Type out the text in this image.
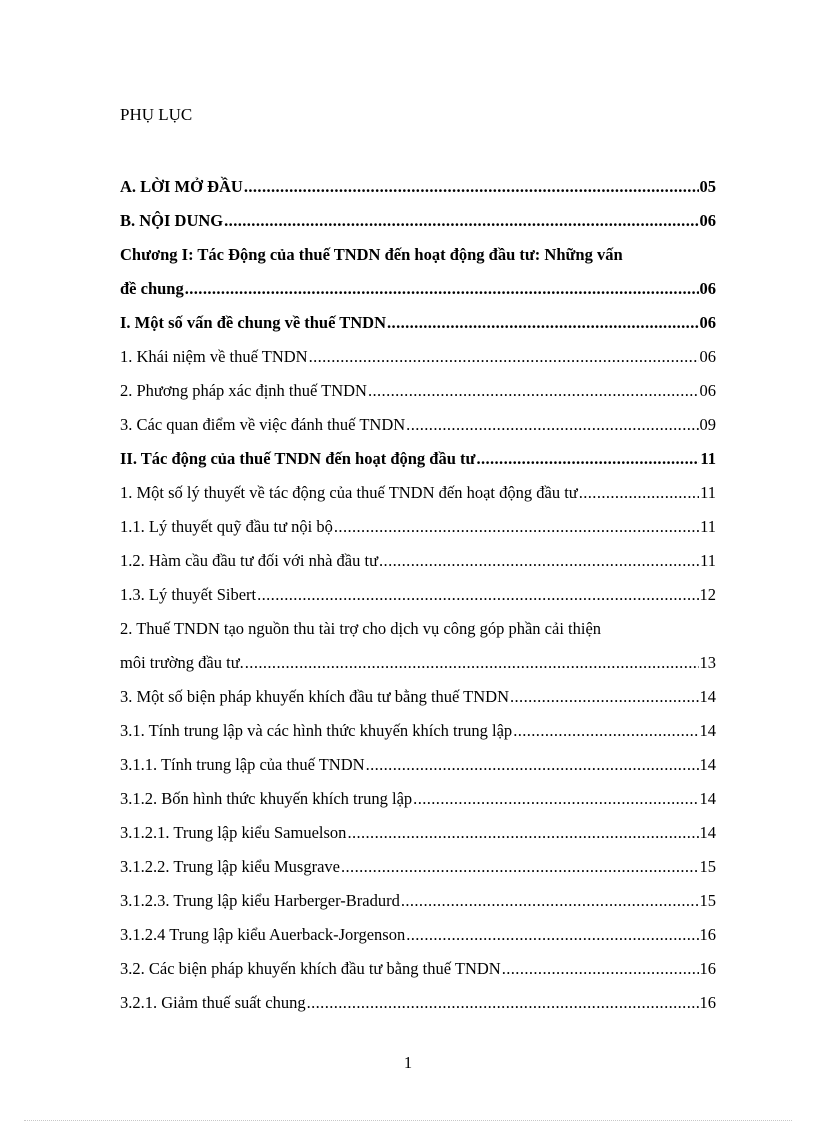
PHỤ LỤC
A. LỜI MỞ ĐẦU .....	05
B. NỘI DUNG .....	06
Chương I: Tác Động của thuế TNDN đến hoạt động đầu tư: Những vấn
đề chung .....	06
I. Một số vấn đề chung về thuế TNDN .....	06
1. Khái niệm về thuế TNDN .....	06
2. Phương pháp xác định thuế TNDN .....	06
3. Các quan điểm về việc đánh thuế TNDN .....	09
II. Tác động của thuế TNDN đến hoạt động đầu tư .....	11
1. Một số lý thuyết về tác động của thuế TNDN đến hoạt động đầu tư .....	11
1.1. Lý thuyết quỹ đầu tư nội bộ .....	11
1.2. Hàm cầu đầu tư đối với nhà đầu tư .....	11
1.3. Lý thuyết Sibert .....	12
2. Thuế TNDN tạo nguồn thu tài trợ cho dịch vụ công góp phần cải thiện
môi trường đầu tư. .....	13
3. Một số biện pháp khuyến khích đầu tư bằng thuế TNDN .....	14
3.1. Tính trung lập và các hình thức khuyến khích trung lập .....	14
3.1.1. Tính trung lập của thuế TNDN .....	14
3.1.2. Bốn hình thức khuyến khích trung lập .....	14
3.1.2.1. Trung lập kiểu Samuelson .....	14
3.1.2.2. Trung lập kiểu Musgrave .....	15
3.1.2.3. Trung lập kiểu Harberger-Bradurd .....	15
3.1.2.4 Trung lập kiểu Auerback-Jorgenson .....	16
3.2. Các biện pháp khuyến khích đầu tư bằng thuế TNDN .....	16
3.2.1. Giảm thuế suất chung .....	16
1
